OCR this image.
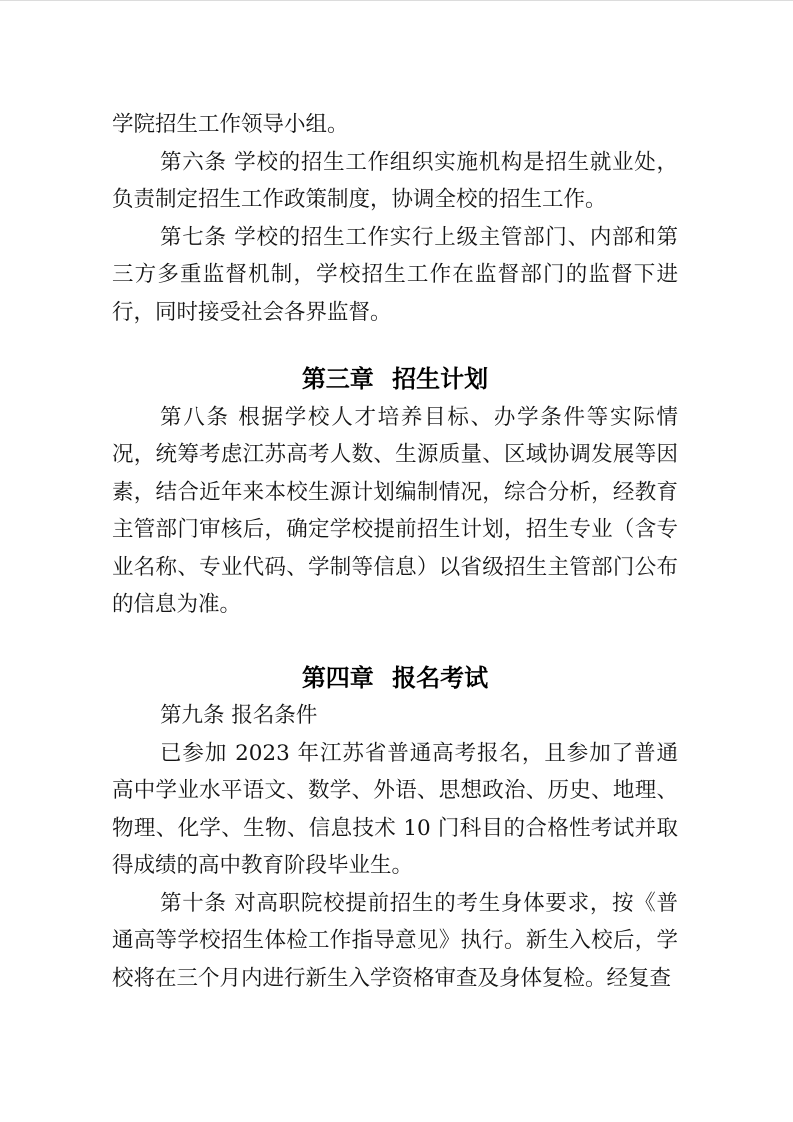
学院招生工作领导小组。

第六条 学校的招生工作组织实施机构是招生就业处，负责制定招生工作政策制度，协调全校的招生工作。

第七条 学校的招生工作实行上级主管部门、内部和第三方多重监督机制，学校招生工作在监督部门的监督下进行，同时接受社会各界监督。

第三章 招生计划

第八条 根据学校人才培养目标、办学条件等实际情况，统筹考虑江苏高考人数、生源质量、区域协调发展等因素，结合近年来本校生源计划编制情况，综合分析，经教育主管部门审核后，确定学校提前招生计划，招生专业（含专业名称、专业代码、学制等信息）以省级招生主管部门公布的信息为准。

第四章 报名考试

第九条 报名条件

已参加 2023 年江苏省普通高考报名，且参加了普通高中学业水平语文、数学、外语、思想政治、历史、地理、物理、化学、生物、信息技术 10 门科目的合格性考试并取得成绩的高中教育阶段毕业生。

第十条 对高职院校提前招生的考生身体要求，按《普通高等学校招生体检工作指导意见》执行。新生入校后，学校将在三个月内进行新生入学资格审查及身体复检。经复查
